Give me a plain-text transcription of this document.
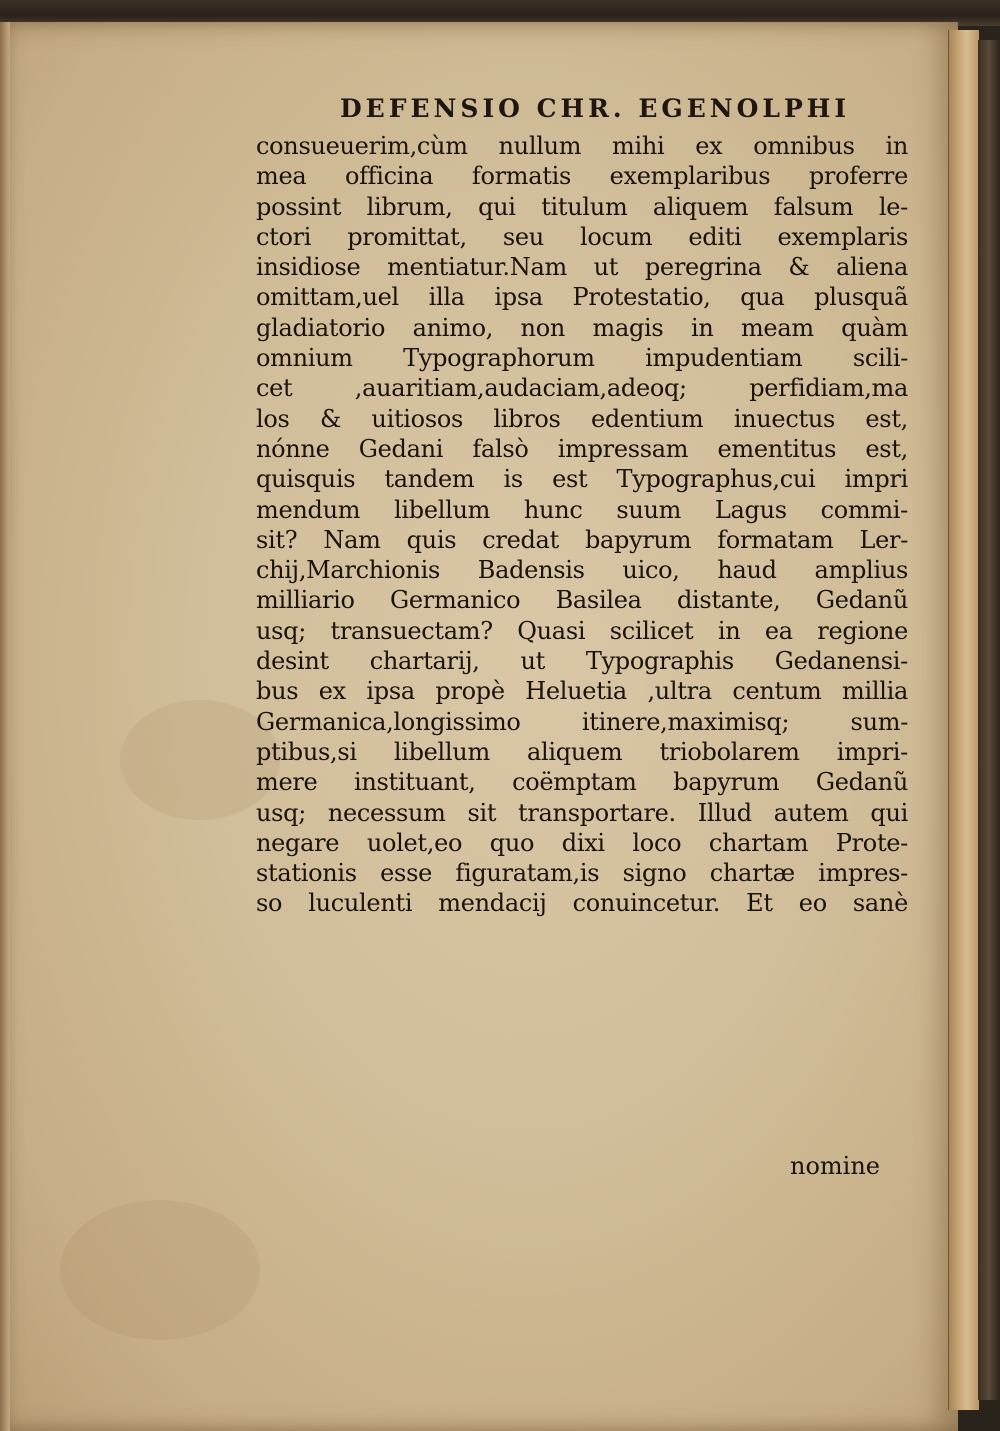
DEFENSIO CHR. EGENOLPHI
consueuerim,cùm nullum mihi ex omnibus in
mea officina formatis exemplaribus proferre
possint librum, qui titulum aliquem falsum le-
ctori promittat, seu locum editi exemplaris
insidiose mentiatur.Nam ut peregrina & aliena
omittam,uel illa ipsa Protestatio, qua plusquã
gladiatorio animo, non magis in meam quàm
omnium Typographorum impudentiam scili-
cet ,auaritiam,audaciam,adeoq; perfidiam,ma
los & uitiosos libros edentium inuectus est,
nónne Gedani falsò impressam ementitus est,
quisquis tandem is est Typographus,cui impri
mendum libellum hunc suum Lagus commi-
sit? Nam quis credat bapyrum formatam Ler-
chij,Marchionis Badensis uico, haud amplius
milliario Germanico Basilea distante, Gedanũ
usq; transuectam? Quasi scilicet in ea regione
desint chartarij, ut Typographis Gedanensi-
bus ex ipsa propè Heluetia ,ultra centum millia
Germanica,longissimo itinere,maximisq; sum-
ptibus,si libellum aliquem triobolarem impri-
mere instituant, coëmptam bapyrum Gedanũ
usq; necessum sit transportare. Illud autem qui
negare uolet,eo quo dixi loco chartam Prote-
stationis esse figuratam,is signo chartæ impres-
so luculenti mendacij conuincetur. Et eo sanè
nomine
